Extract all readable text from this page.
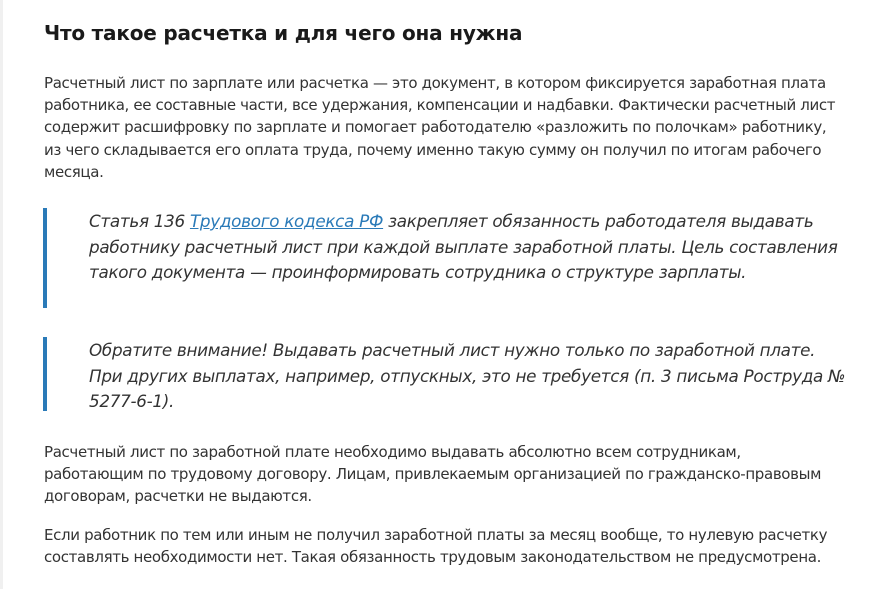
Что такое расчетка и для чего она нужна

Расчетный лист по зарплате или расчетка — это документ, в котором фиксируется заработная плата работника, ее составные части, все удержания, компенсации и надбавки. Фактически расчетный лист содержит расшифровку по зарплате и помогает работодателю «разложить по полочкам» работнику, из чего складывается его оплата труда, почему именно такую сумму он получил по итогам рабочего месяца.

Статья 136 Трудового кодекса РФ закрепляет обязанность работодателя выдавать работнику расчетный лист при каждой выплате заработной платы. Цель составления такого документа — проинформировать сотрудника о структуре зарплаты.

Обратите внимание! Выдавать расчетный лист нужно только по заработной плате. При других выплатах, например, отпускных, это не требуется (п. 3 письма Роструда № 5277-6-1).

Расчетный лист по заработной плате необходимо выдавать абсолютно всем сотрудникам, работающим по трудовому договору. Лицам, привлекаемым организацией по гражданско-правовым договорам, расчетки не выдаются.

Если работник по тем или иным не получил заработной платы за месяц вообще, то нулевую расчетку составлять необходимости нет. Такая обязанность трудовым законодательством не предусмотрена.
